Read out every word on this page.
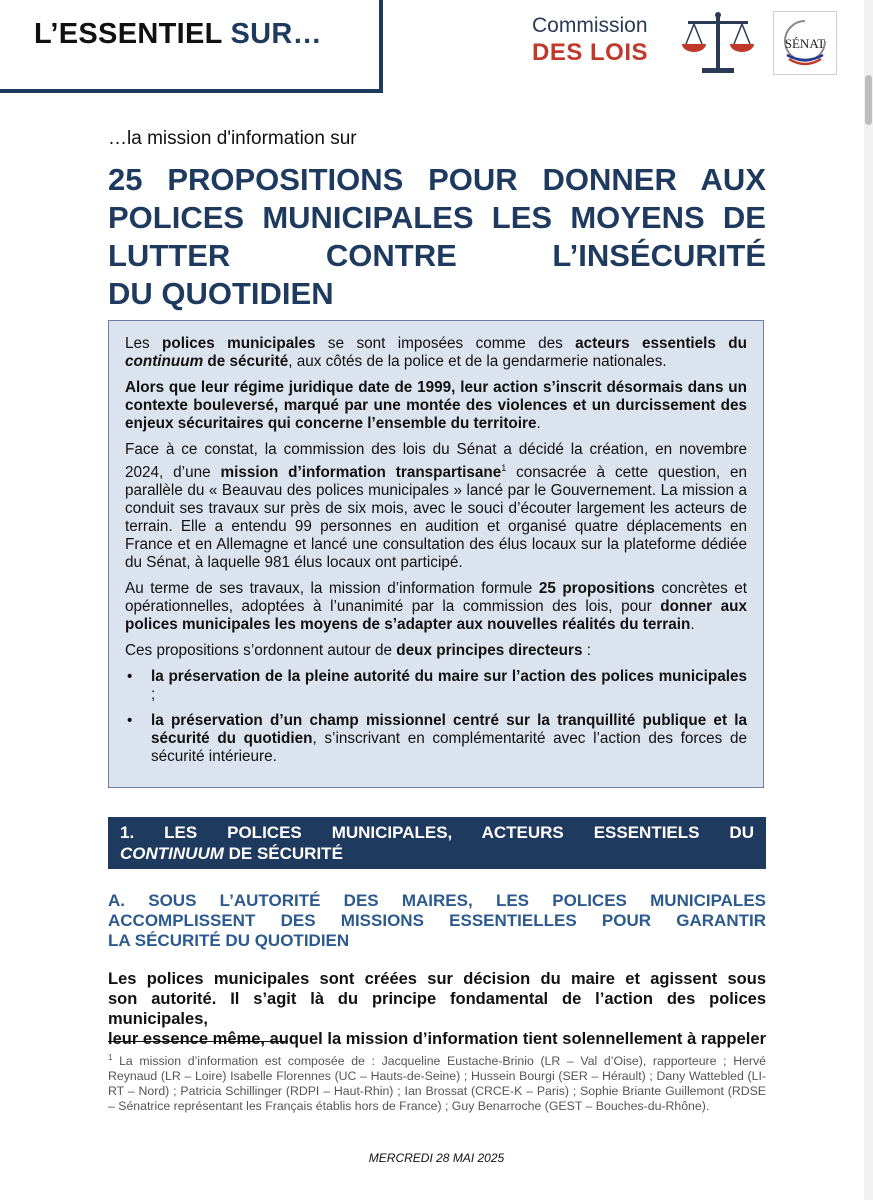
L’ESSENTIEL SUR…	Commission
DES LOIS	SÉNAT
…la mission d'information sur
25 PROPOSITIONS POUR DONNER AUX
POLICES MUNICIPALES LES MOYENS DE
LUTTER CONTRE L’INSÉCURITÉ
DU QUOTIDIEN

Les polices municipales se sont imposées comme des acteurs essentiels du continuum de sécurité, aux côtés de la police et de la gendarmerie nationales.

Alors que leur régime juridique date de 1999, leur action s’inscrit désormais dans un contexte bouleversé, marqué par une montée des violences et un durcissement des enjeux sécuritaires qui concerne l’ensemble du territoire.

Face à ce constat, la commission des lois du Sénat a décidé la création, en novembre 2024, d’une mission d’information transpartisane$^1$ consacrée à cette question, en parallèle du « Beauvau des polices municipales » lancé par le Gouvernement. La mission a conduit ses travaux sur près de six mois, avec le souci d’écouter largement les acteurs de terrain. Elle a entendu 99 personnes en audition et organisé quatre déplacements en France et en Allemagne et lancé une consultation des élus locaux sur la plateforme dédiée du Sénat, à laquelle 981 élus locaux ont participé.

Au terme de ses travaux, la mission d’information formule 25 propositions concrètes et opérationnelles, adoptées à l’unanimité par la commission des lois, pour donner aux polices municipales les moyens de s’adapter aux nouvelles réalités du terrain.

Ces propositions s’ordonnent autour de deux principes directeurs :

• la préservation de la pleine autorité du maire sur l’action des polices municipales ;
• la préservation d’un champ missionnel centré sur la tranquillité publique et la sécurité du quotidien, s’inscrivant en complémentarité avec l’action des forces de sécurité intérieure.
1. LES POLICES MUNICIPALES, ACTEURS ESSENTIELS DU
CONTINUUM DE SÉCURITÉ
A. SOUS L’AUTORITÉ DES MAIRES, LES POLICES MUNICIPALES
ACCOMPLISSENT DES MISSIONS ESSENTIELLES POUR GARANTIR
LA SÉCURITÉ DU QUOTIDIEN
Les polices municipales sont créées sur décision du maire et agissent sous
son autorité. Il s’agit là du principe fondamental de l’action des polices municipales,
leur essence même, auquel la mission d’information tient solennellement à rappeler
$^1$ La mission d’information est composée de : Jacqueline Eustache-Brinio (LR – Val d’Oise), rapporteure ; Hervé Reynaud (LR – Loire) Isabelle Florennes (UC – Hauts-de-Seine) ; Hussein Bourgi (SER – Hérault) ; Dany Wattebled (LI-RT – Nord) ; Patricia Schillinger (RDPI – Haut-Rhin) ; Ian Brossat (CRCE-K – Paris) ; Sophie Briante Guillemont (RDSE – Sénatrice représentant les Français établis hors de France) ; Guy Benarroche (GEST – Bouches-du-Rhône).
MERCREDI 28 MAI 2025
